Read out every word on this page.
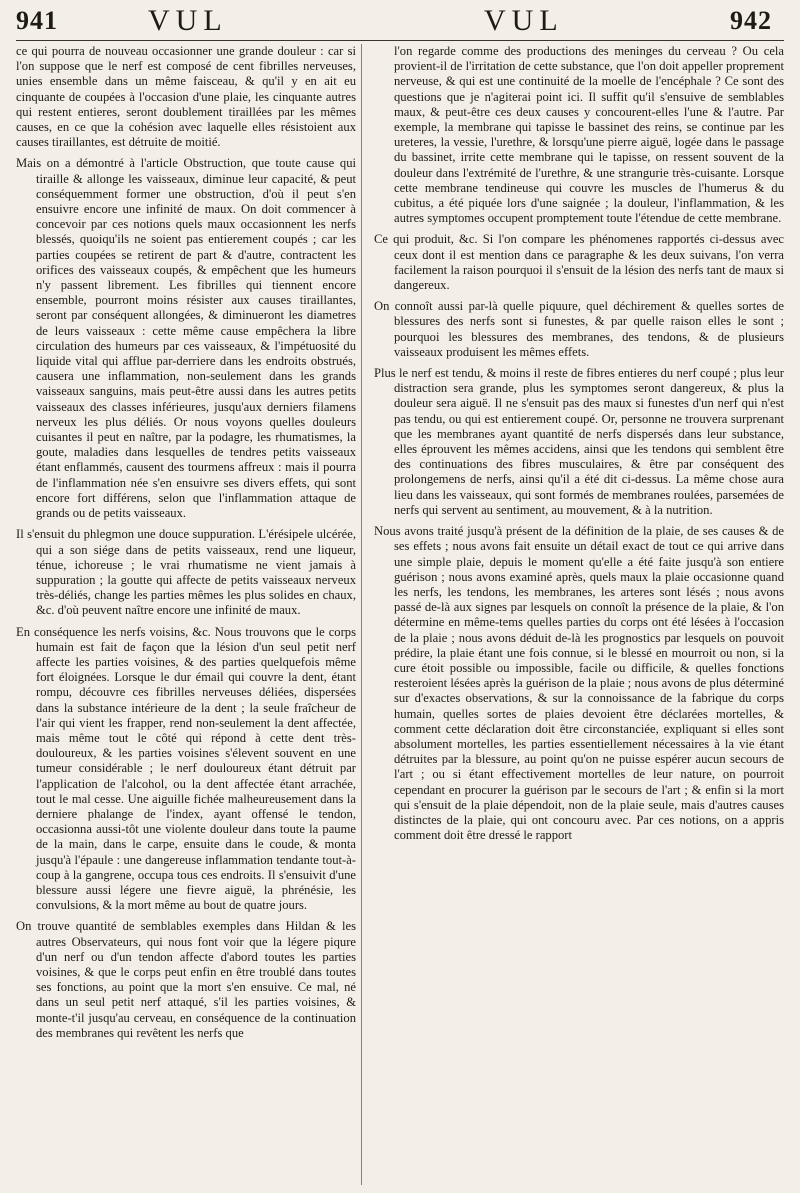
941	VUL	VUL	942

ce qui pourra de nouveau occasionner une grande douleur : car si l'on suppose que le nerf est composé de cent fibrilles nerveuses, unies ensemble dans un même faisceau, & qu'il y en ait eu cinquante de coupées à l'occasion d'une plaie, les cinquante autres qui restent entieres, seront doublement tiraillées par les mêmes causes, en ce que la cohésion avec laquelle elles résistoient aux causes tiraillantes, est détruite de moitié.

Mais on a démontré à l'article Obstruction, que toute cause qui tiraille & allonge les vaisseaux, diminue leur capacité, & peut conséquemment former une obstruction, d'où il peut s'en ensuivre encore une infinité de maux. On doit commencer à concevoir par ces notions quels maux occasionnent les nerfs blessés, quoiqu'ils ne soient pas entierement coupés ; car les parties coupées se retirent de part & d'autre, contractent les orifices des vaisseaux coupés, & empêchent que les humeurs n'y passent librement. Les fibrilles qui tiennent encore ensemble, pourront moins résister aux causes tiraillantes, seront par conséquent allongées, & diminueront les diametres de leurs vaisseaux : cette même cause empêchera la libre circulation des humeurs par ces vaisseaux, & l'impétuosité du liquide vital qui afflue par-derriere dans les endroits obstrués, causera une inflammation, non-seulement dans les grands vaisseaux sanguins, mais peut-être aussi dans les autres petits vaisseaux des classes inférieures, jusqu'aux derniers filamens nerveux les plus déliés. Or nous voyons quelles douleurs cuisantes il peut en naître, par la podagre, les rhumatismes, la goute, maladies dans lesquelles de tendres petits vaisseaux étant enflammés, causent des tourmens affreux : mais il pourra de l'inflammation née s'en ensuivre ses divers effets, qui sont encore fort différens, selon que l'inflammation attaque de grands ou de petits vaisseaux.

Il s'ensuit du phlegmon une douce suppuration. L'érésipele ulcérée, qui a son siége dans de petits vaisseaux, rend une liqueur, ténue, ichoreuse ; le vrai rhumatisme ne vient jamais à suppuration ; la goutte qui affecte de petits vaisseaux nerveux très-déliés, change les parties mêmes les plus solides en chaux, &c. d'où peuvent naître encore une infinité de maux.

En conséquence les nerfs voisins, &c. Nous trouvons que le corps humain est fait de façon que la lésion d'un seul petit nerf affecte les parties voisines, & des parties quelquefois même fort éloignées. Lorsque le dur émail qui couvre la dent, étant rompu, découvre ces fibrilles nerveuses déliées, dispersées dans la substance intérieure de la dent ; la seule fraîcheur de l'air qui vient les frapper, rend non-seulement la dent affectée, mais même tout le côté qui répond à cette dent très-douloureux, & les parties voisines s'élevent souvent en une tumeur considérable ; le nerf douloureux étant détruit par l'application de l'alcohol, ou la dent affectée étant arrachée, tout le mal cesse. Une aiguille fichée malheureusement dans la derniere phalange de l'index, ayant offensé le tendon, occasionna aussi-tôt une violente douleur dans toute la paume de la main, dans le carpe, ensuite dans le coude, & monta jusqu'à l'épaule : une dangereuse inflammation tendante tout-à-coup à la gangrene, occupa tous ces endroits. Il s'ensuivit d'une blessure aussi légere une fievre aiguë, la phrénésie, les convulsions, & la mort même au bout de quatre jours.

On trouve quantité de semblables exemples dans Hildan & les autres Observateurs, qui nous font voir que la légere piqure d'un nerf ou d'un tendon affecte d'abord toutes les parties voisines, & que le corps peut enfin en être troublé dans toutes ses fonctions, au point que la mort s'en ensuive. Ce mal, né dans un seul petit nerf attaqué, s'il les parties voisines, & monte-t'il jusqu'au cerveau, en conséquence de la continuation des membranes qui revêtent les nerfs que

l'on regarde comme des productions des meninges du cerveau ? Ou cela provient-il de l'irritation de cette substance, que l'on doit appeller proprement nerveuse, & qui est une continuité de la moelle de l'encéphale ? Ce sont des questions que je n'agiterai point ici. Il suffit qu'il s'ensuive de semblables maux, & peut-être ces deux causes y concourent-elles l'une & l'autre. Par exemple, la membrane qui tapisse le bassinet des reins, se continue par les ureteres, la vessie, l'urethre, & lorsqu'une pierre aiguë, logée dans le passage du bassinet, irrite cette membrane qui le tapisse, on ressent souvent de la douleur dans l'extrémité de l'urethre, & une strangurie très-cuisante. Lorsque cette membrane tendineuse qui couvre les muscles de l'humerus & du cubitus, a été piquée lors d'une saignée ; la douleur, l'inflammation, & les autres symptomes occupent promptement toute l'étendue de cette membrane.

Ce qui produit, &c. Si l'on compare les phénomenes rapportés ci-dessus avec ceux dont il est mention dans ce paragraphe & les deux suivans, l'on verra facilement la raison pourquoi il s'ensuit de la lésion des nerfs tant de maux si dangereux.

On connoît aussi par-là quelle piquure, quel déchirement & quelles sortes de blessures des nerfs sont si funestes, & par quelle raison elles le sont ; pourquoi les blessures des membranes, des tendons, & de plusieurs vaisseaux produisent les mêmes effets.

Plus le nerf est tendu, & moins il reste de fibres entieres du nerf coupé ; plus leur distraction sera grande, plus les symptomes seront dangereux, & plus la douleur sera aiguë. Il ne s'ensuit pas des maux si funestes d'un nerf qui n'est pas tendu, ou qui est entierement coupé. Or, personne ne trouvera surprenant que les membranes ayant quantité de nerfs dispersés dans leur substance, elles éprouvent les mêmes accidens, ainsi que les tendons qui semblent être des continuations des fibres musculaires, & être par conséquent des prolongemens de nerfs, ainsi qu'il a été dit ci-dessus. La même chose aura lieu dans les vaisseaux, qui sont formés de membranes roulées, parsemées de nerfs qui servent au sentiment, au mouvement, & à la nutrition.

Nous avons traité jusqu'à présent de la définition de la plaie, de ses causes & de ses effets ; nous avons fait ensuite un détail exact de tout ce qui arrive dans une simple plaie, depuis le moment qu'elle a été faite jusqu'à son entiere guérison ; nous avons examiné après, quels maux la plaie occasionne quand les nerfs, les tendons, les membranes, les arteres sont lésés ; nous avons passé de-là aux signes par lesquels on connoît la présence de la plaie, & l'on détermine en même-tems quelles parties du corps ont été lésées à l'occasion de la plaie ; nous avons déduit de-là les prognostics par lesquels on pouvoit prédire, la plaie étant une fois connue, si le blessé en mourroit ou non, si la cure étoit possible ou impossible, facile ou difficile, & quelles fonctions resteroient lésées après la guérison de la plaie ; nous avons de plus déterminé sur d'exactes observations, & sur la connoissance de la fabrique du corps humain, quelles sortes de plaies devoient être déclarées mortelles, & comment cette déclaration doit être circonstanciée, expliquant si elles sont absolument mortelles, les parties essentiellement nécessaires à la vie étant détruites par la blessure, au point qu'on ne puisse espérer aucun secours de l'art ; ou si étant effectivement mortelles de leur nature, on pourroit cependant en procurer la guérison par le secours de l'art ; & enfin si la mort qui s'ensuit de la plaie dépendoit, non de la plaie seule, mais d'autres causes distinctes de la plaie, qui ont concouru avec. Par ces notions, on a appris comment doit être dressé le rapport
